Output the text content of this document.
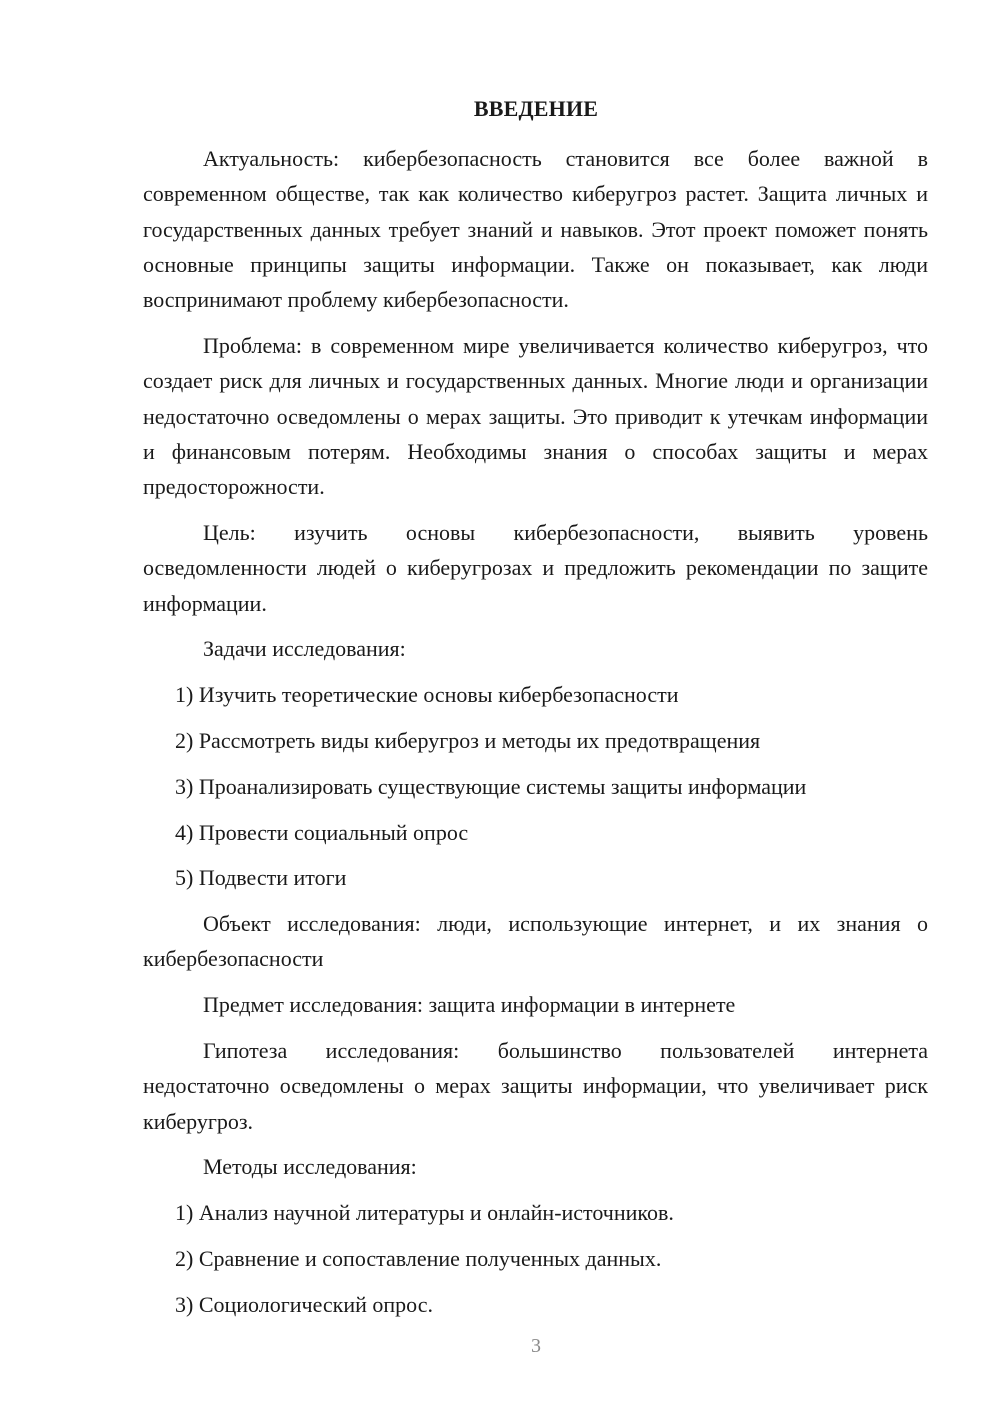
ВВЕДЕНИЕ

Актуальность: кибербезопасность становится все более важной в современном обществе, так как количество киберугроз растет. Защита личных и государственных данных требует знаний и навыков. Этот проект поможет понять основные принципы защиты информации. Также он показывает, как люди воспринимают проблему кибербезопасности.

Проблема: в современном мире увеличивается количество киберугроз, что создает риск для личных и государственных данных. Многие люди и организации недостаточно осведомлены о мерах защиты. Это приводит к утечкам информации и финансовым потерям. Необходимы знания о способах защиты и мерах предосторожности.

Цель: изучить основы кибербезопасности, выявить уровень осведомленности людей о киберугрозах и предложить рекомендации по защите информации.

Задачи исследования:

1) Изучить теоретические основы кибербезопасности
2) Рассмотреть виды киберугроз и методы их предотвращения
3) Проанализировать существующие системы защиты информации
4) Провести социальный опрос
5) Подвести итоги

Объект исследования: люди, использующие интернет, и их знания о кибербезопасности

Предмет исследования: защита информации в интернете

Гипотеза исследования: большинство пользователей интернета недостаточно осведомлены о мерах защиты информации, что увеличивает риск киберугроз.

Методы исследования:

1) Анализ научной литературы и онлайн-источников.
2) Сравнение и сопоставление полученных данных.
3) Социологический опрос.
3
